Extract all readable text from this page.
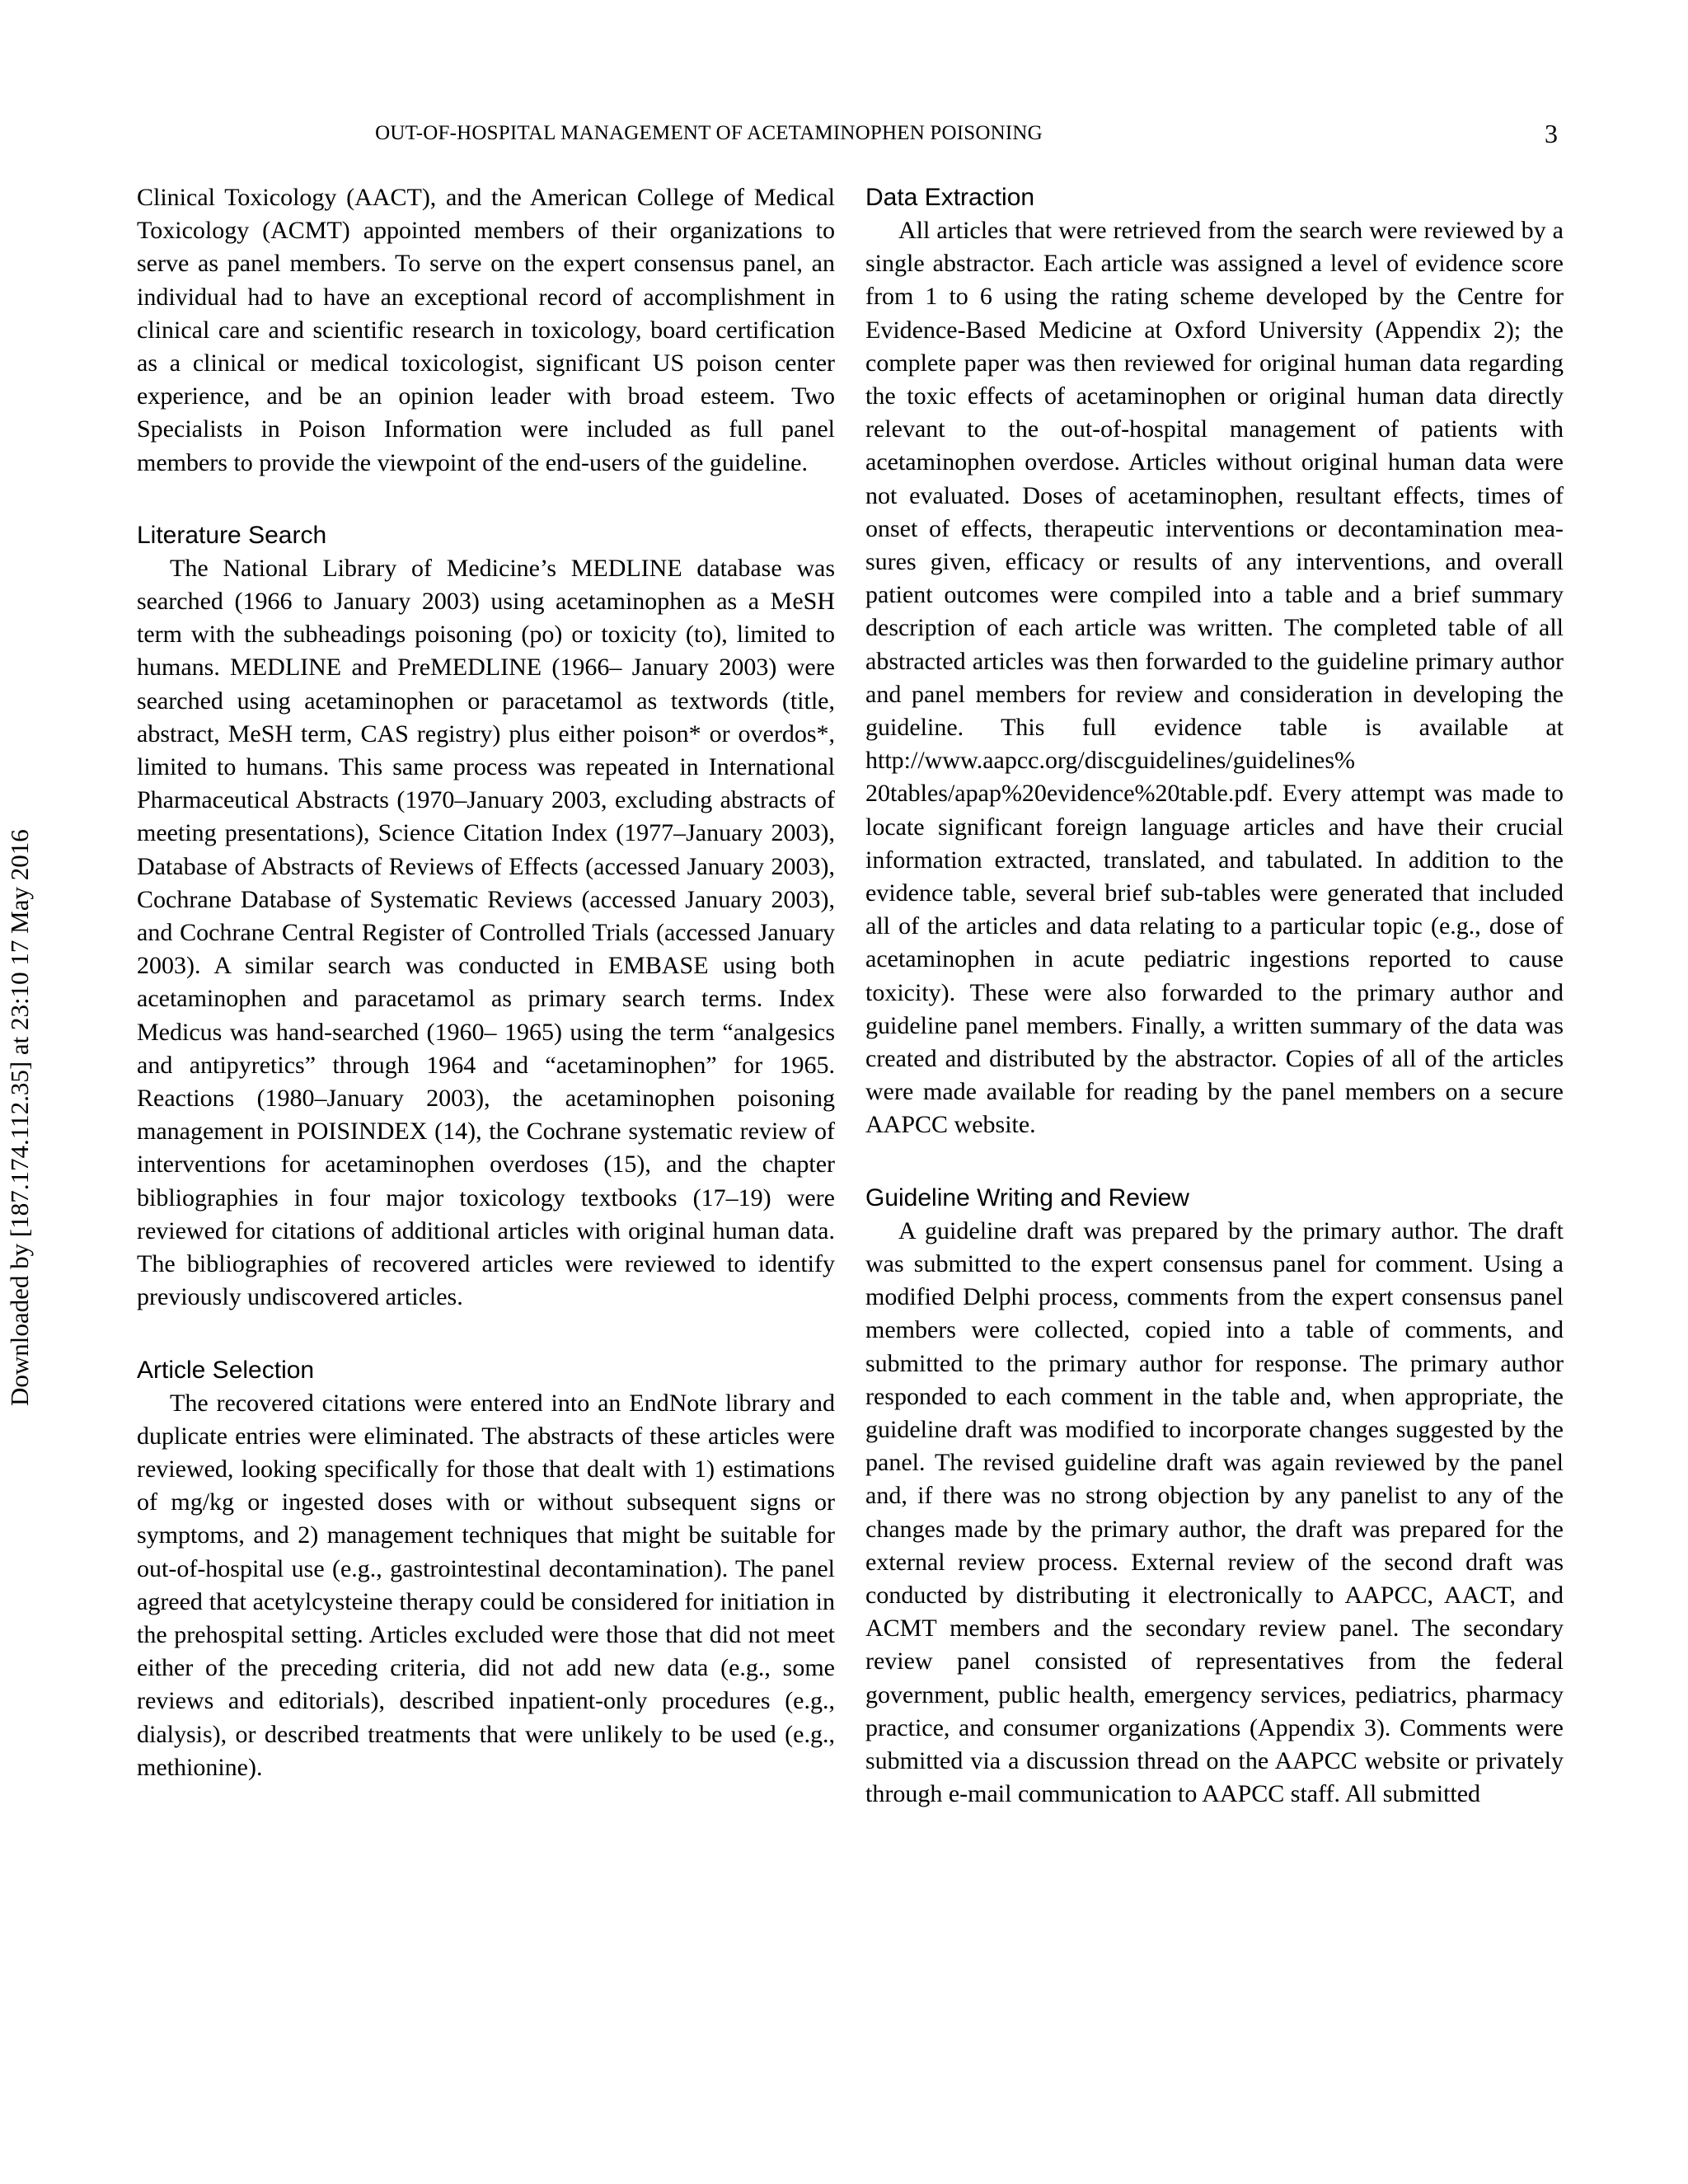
OUT-OF-HOSPITAL MANAGEMENT OF ACETAMINOPHEN POISONING	3
Downloaded by [187.174.112.35] at 23:10 17 May 2016

Clinical Toxicology (AACT), and the American College of Medical Toxicology (ACMT) appointed members of their organizations to serve as panel members. To serve on the expert consensus panel, an individual had to have an exceptional record of accomplishment in clinical care and scientific research in toxicology, board certification as a clinical or medical toxicologist, significant US poison center experience, and be an opinion leader with broad esteem. Two Specialists in Poison Information were included as full panel members to provide the viewpoint of the end-users of the guideline.

Literature Search

The National Library of Medicine’s MEDLINE database was searched (1966 to January 2003) using acetaminophen as a MeSH term with the subheadings poisoning (po) or toxicity (to), limited to humans. MEDLINE and PreMEDLINE (1966– January 2003) were searched using acetaminophen or paracetamol as textwords (title, abstract, MeSH term, CAS registry) plus either poison* or overdos*, limited to humans. This same process was repeated in International Pharmaceutical Abstracts (1970–January 2003, excluding abstracts of meeting presentations), Science Citation Index (1977–January 2003), Database of Abstracts of Reviews of Effects (accessed January 2003), Cochrane Database of Systematic Reviews (accessed January 2003), and Cochrane Central Register of Controlled Trials (accessed January 2003). A similar search was conducted in EMBASE using both acetaminophen and paracetamol as primary search terms. Index Medicus was hand-searched (1960– 1965) using the term “analgesics and antipyretics” through 1964 and “acetaminophen” for 1965. Reactions (1980–January 2003), the acetaminophen poisoning management in POISINDEX (14), the Cochrane systematic review of interventions for acetaminophen overdoses (15), and the chapter bibliographies in four major toxicology textbooks (17–19) were reviewed for citations of additional articles with original human data. The bibliographies of recovered articles were reviewed to identify previously undiscovered articles.

Article Selection

The recovered citations were entered into an EndNote library and duplicate entries were eliminated. The abstracts of these articles were reviewed, looking specifically for those that dealt with 1) estimations of mg/kg or ingested doses with or without subsequent signs or symptoms, and 2) management techniques that might be suitable for out-of-hospital use (e.g., gastrointestinal decontamination). The panel agreed that acetylcysteine therapy could be considered for initiation in the prehospital setting. Articles excluded were those that did not meet either of the preceding criteria, did not add new data (e.g., some reviews and editorials), described inpatient-only procedures (e.g., dialysis), or described treatments that were unlikely to be used (e.g., methionine).

Data Extraction

All articles that were retrieved from the search were reviewed by a single abstractor. Each article was assigned a level of evidence score from 1 to 6 using the rating scheme developed by the Centre for Evidence-Based Medicine at Oxford University (Appendix 2); the complete paper was then reviewed for original human data regarding the toxic effects of acetaminophen or original human data directly relevant to the out-of-hospital management of patients with acetaminophen overdose. Articles without original human data were not evaluated. Doses of acetaminophen, resultant effects, times of onset of effects, therapeutic interventions or decontamination measures given, efficacy or results of any interventions, and overall patient outcomes were compiled into a table and a brief summary description of each article was written. The completed table of all abstracted articles was then forwarded to the guideline primary author and panel members for review and consideration in developing the guideline. This full evidence table is available at http://www.aapcc.org/discguidelines/guidelines%​20tables/apap%20evidence%20table.pdf. Every attempt was made to locate significant foreign language articles and have their crucial information extracted, translated, and tabulated. In addition to the evidence table, several brief sub-tables were generated that included all of the articles and data relating to a particular topic (e.g., dose of acetaminophen in acute pediatric ingestions reported to cause toxicity). These were also forwarded to the primary author and guideline panel members. Finally, a written summary of the data was created and distributed by the abstractor. Copies of all of the articles were made available for reading by the panel members on a secure AAPCC website.

Guideline Writing and Review

A guideline draft was prepared by the primary author. The draft was submitted to the expert consensus panel for comment. Using a modified Delphi process, comments from the expert consensus panel members were collected, copied into a table of comments, and submitted to the primary author for response. The primary author responded to each comment in the table and, when appropriate, the guideline draft was modified to incorporate changes suggested by the panel. The revised guideline draft was again reviewed by the panel and, if there was no strong objection by any panelist to any of the changes made by the primary author, the draft was prepared for the external review process. External review of the second draft was conducted by distributing it electronically to AAPCC, AACT, and ACMT members and the secondary review panel. The secondary review panel consisted of representatives from the federal government, public health, emergency services, pediatrics, pharmacy practice, and consumer organizations (Appendix 3). Comments were submitted via a discussion thread on the AAPCC website or privately through e-mail communication to AAPCC staff. All submitted
